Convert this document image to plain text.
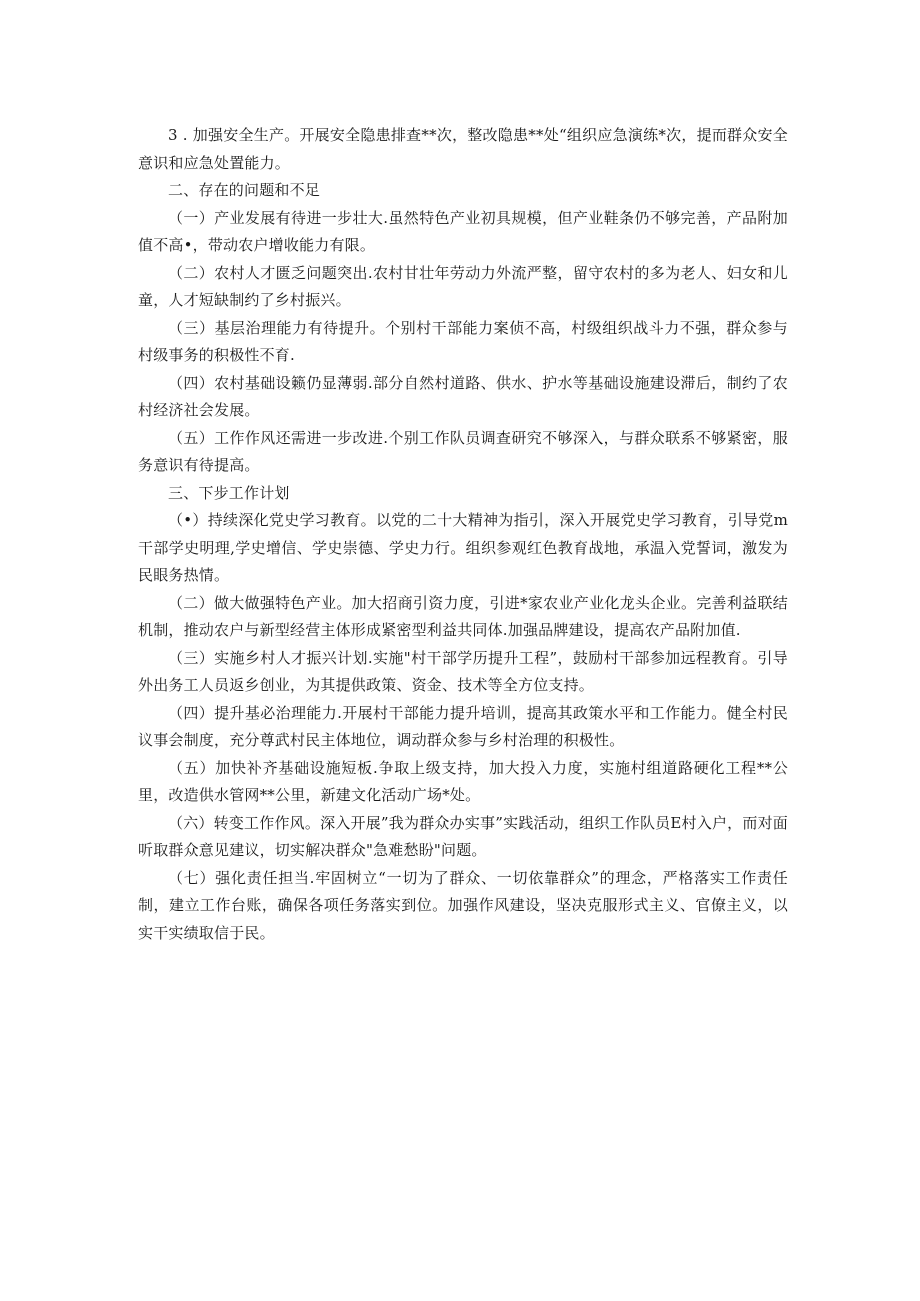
3 . 加强安全生产。开展安全隐患排查**次，整改隐患**处“组织应急演练*次，提而群众安全意识和应急处置能力。

二、存在的问题和不足

（一）产业发展有待进一步壮大.虽然特色产业初具规模，但产业鞋条仍不够完善，产品附加值不高•，带动农户增收能力有限。

（二）农村人才匮乏问题突出.农村甘壮年劳动力外流严整，留守农村的多为老人、妇女和儿童，人才短缺制约了乡村振兴。

（三）基层治理能力有待提升。个别村干部能力案侦不高，村级组织战斗力不强，群众参与村级事务的积极性不育.

（四）农村基础设籁仍显薄弱.部分自然村道路、供水、护水等基础设施建设滞后，制约了农村经济社会发展。

（五）工作作风还需进一步改进.个别工作队员调查研究不够深入，与群众联系不够紧密，服务意识有待提高。

三、下步工作计划

（•）持续深化党史学习教育。以党的二十大精神为指引，深入开展党史学习教育，引导党m干部学史明理,学史增信、学史崇德、学史力行。组织参观红色教育战地，承温入党誓词，激发为民眼务热情。

（二）做大做强特色产业。加大招商引资力度，引进*家农业产业化龙头企业。完善利益联结机制，推动农户与新型经营主体形成紧密型利益共同体.加强品牌建设，提高农产品附加值.

（三）实施乡村人才振兴计划.实施"村干部学历提升工程”，鼓励村干部参加远程教育。引导外出务工人员返乡创业，为其提供政策、资金、技术等全方位支持。

（四）提升基必治理能力.开展村干部能力提升培训，提高其政策水平和工作能力。健全村民议事会制度，充分尊武村民主体地位，调动群众参与乡村治理的积极性。

（五）加快补齐基础设施短板.争取上级支持，加大投入力度，实施村组道路硬化工程**公里，改造供水管网**公里，新建文化活动广场*处。

（六）转变工作作风。深入开展”我为群众办实事”实践活动，组织工作队员E村入户，而对面听取群众意见建议，切实解决群众"急难愁盼"问题。

（七）强化责任担当.牢固树立“一切为了群众、一切依靠群众”的理念，严格落实工作责任制，建立工作台账，确保各项任务落实到位。加强作风建设，坚决克服形式主义、官僚主义，以实干实绩取信于民。
